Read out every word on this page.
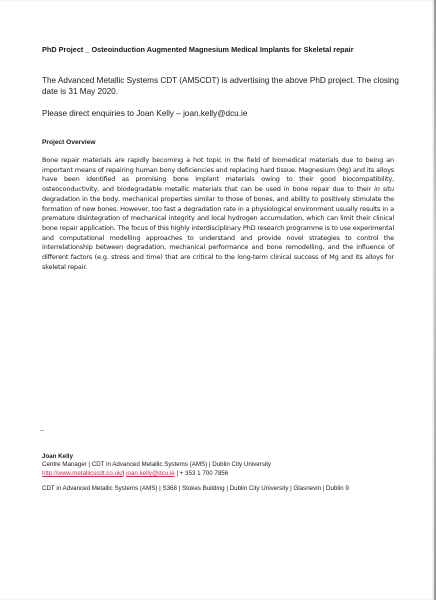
PhD Project _ Osteoinduction Augmented Magnesium Medical Implants for Skeletal repair

The Advanced Metallic Systems CDT (AMSCDT) is advertising the above PhD project. The closing date is 31 May 2020.

Please direct enquiries to Joan Kelly – joan.kelly@dcu.ie

Project Overview

Bone repair materials are rapidly becoming a hot topic in the field of biomedical materials due to being an important means of repairing human bony deficiencies and replacing hard tissue. Magnesium (Mg) and its alloys have been identified as promising bone implant materials owing to their good biocompatibility, osteoconductivity, and biodegradable metallic materials that can be used in bone repair due to their in situ degradation in the body, mechanical properties similar to those of bones, and ability to positively stimulate the formation of new bones. However, too fast a degradation rate in a physiological environment usually results in a premature disintegration of mechanical integrity and local hydrogen accumulation, which can limit their clinical bone repair application. The focus of this highly interdisciplinary PhD research programme is to use experimental and computational modelling approaches to understand and provide novel strategies to control the interrelationship between degradation, mechanical performance and bone remodelling, and the influence of different factors (e.g. stress and time) that are critical to the long-term clinical success of Mg and its alloys for skeletal repair.

--

Joan Kelly
Centre Manager | CDT in Advanced Metallic Systems (AMS) | Dublin City University
http://www.metallicscdt.co.uk/| joan.kelly@dcu.ie | + 353 1 700 7856

CDT in Advanced Metallic Systems (AMS) | S368 | Stokes Building | Dublin City University | Glasnevin | Dublin 9
